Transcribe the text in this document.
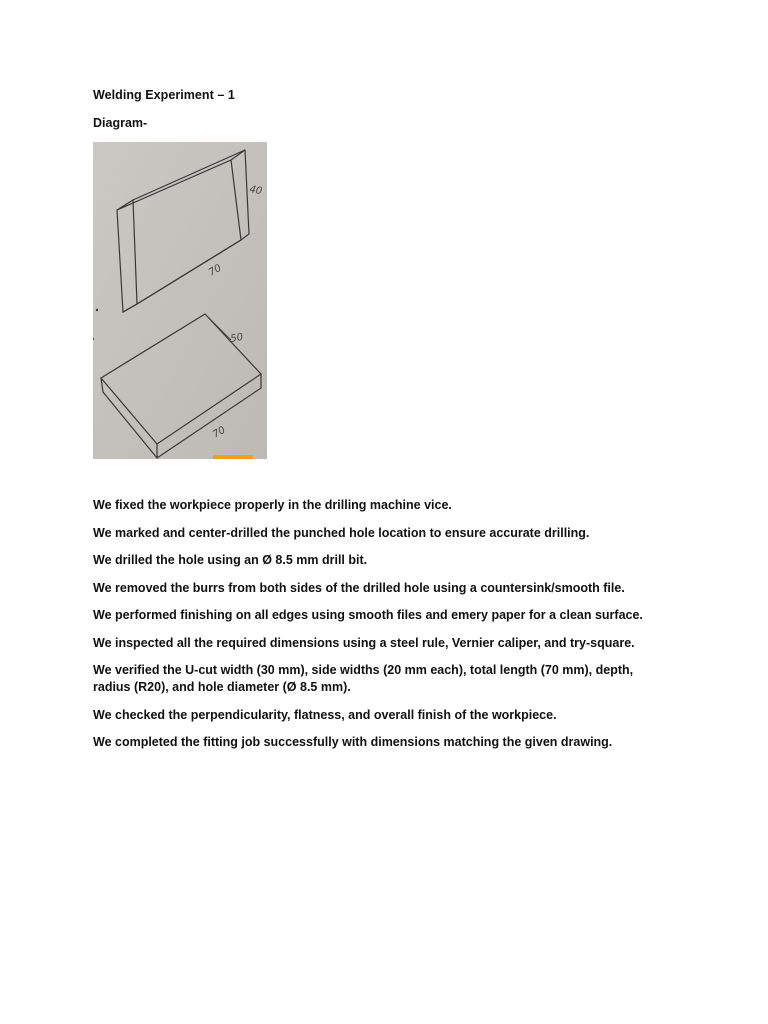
Welding Experiment – 1
Diagram-
40
70
50
70
We fixed the workpiece properly in the drilling machine vice.
We marked and center-drilled the punched hole location to ensure accurate drilling.
We drilled the hole using an Ø 8.5 mm drill bit.
We removed the burrs from both sides of the drilled hole using a countersink/smooth file.
We performed finishing on all edges using smooth files and emery paper for a clean surface.
We inspected all the required dimensions using a steel rule, Vernier caliper, and try-square.
We verified the U-cut width (30 mm), side widths (20 mm each), total length (70 mm), depth, radius (R20), and hole diameter (Ø 8.5 mm).
We checked the perpendicularity, flatness, and overall finish of the workpiece.
We completed the fitting job successfully with dimensions matching the given drawing.
